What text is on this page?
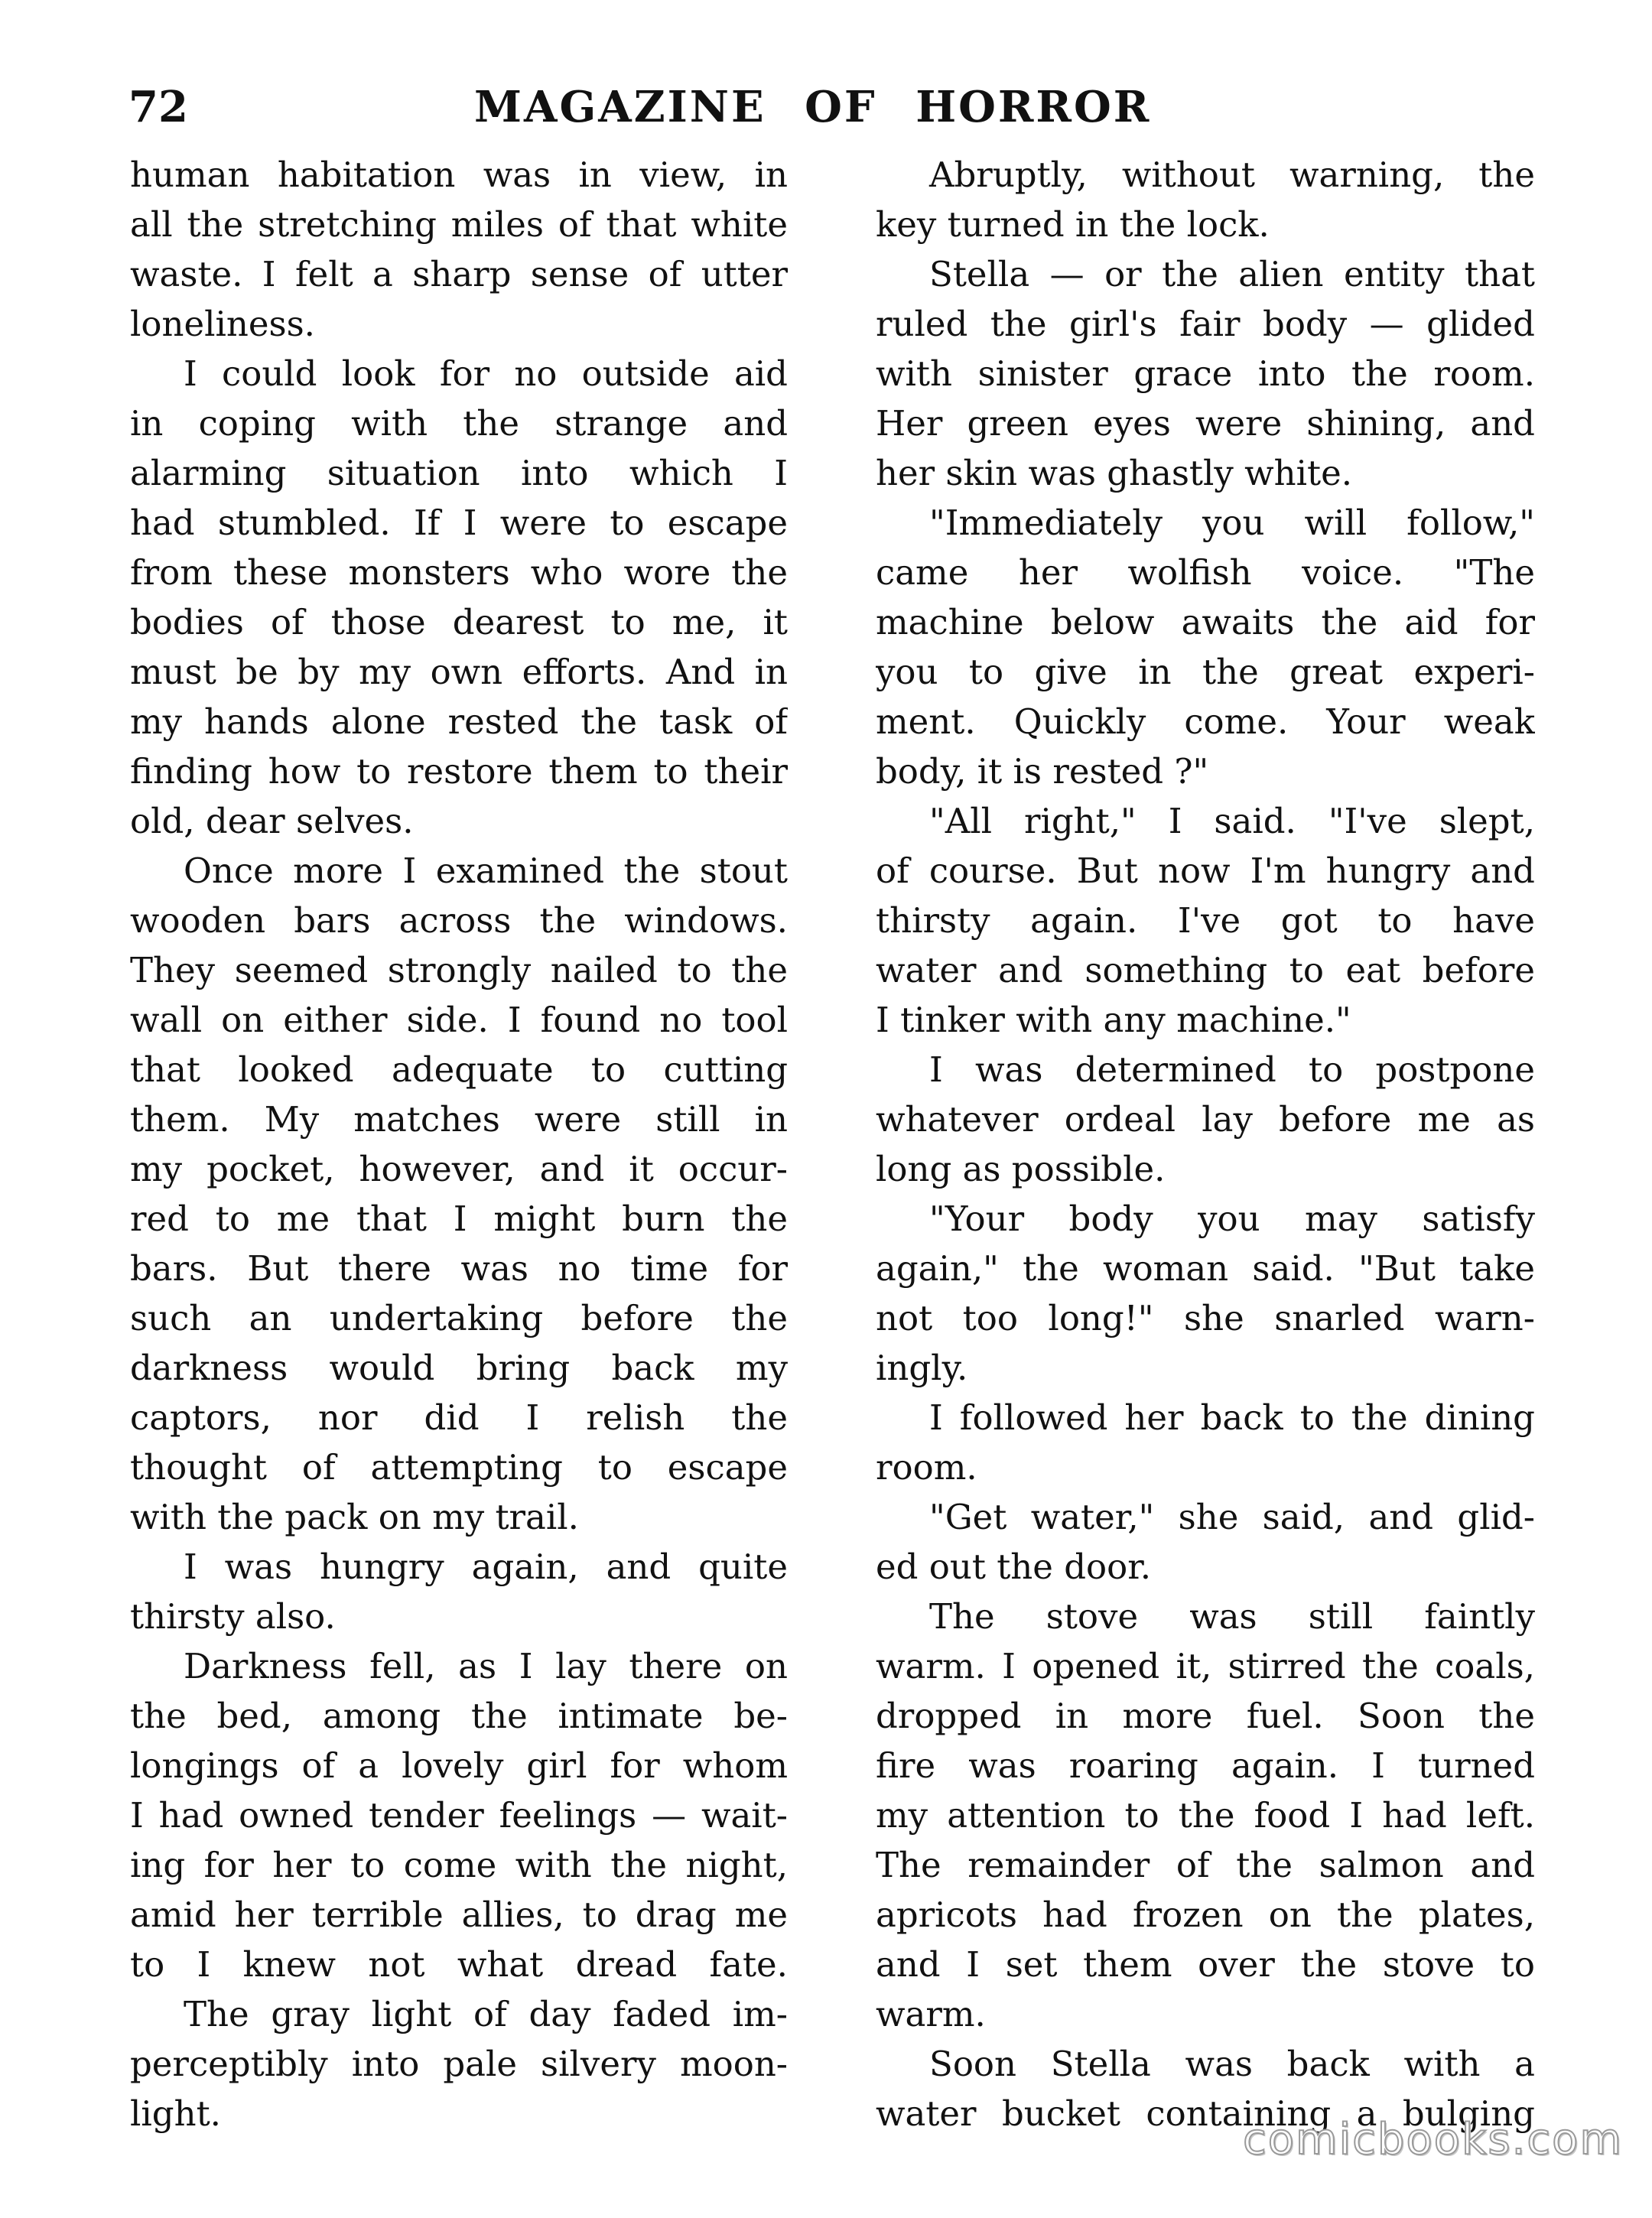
72	MAGAZINE OF HORROR
human habitation was in view, in
all the stretching miles of that white
waste. I felt a sharp sense of utter
loneliness.
I could look for no outside aid
in coping with the strange and
alarming situation into which I
had stumbled. If I were to escape
from these monsters who wore the
bodies of those dearest to me, it
must be by my own efforts. And in
my hands alone rested the task of
finding how to restore them to their
old, dear selves.
Once more I examined the stout
wooden bars across the windows.
They seemed strongly nailed to the
wall on either side. I found no tool
that looked adequate to cutting
them. My matches were still in
my pocket, however, and it occur-
red to me that I might burn the
bars. But there was no time for
such an undertaking before the
darkness would bring back my
captors, nor did I relish the
thought of attempting to escape
with the pack on my trail.
I was hungry again, and quite
thirsty also.
Darkness fell, as I lay there on
the bed, among the intimate be-
longings of a lovely girl for whom
I had owned tender feelings — wait-
ing for her to come with the night,
amid her terrible allies, to drag me
to I knew not what dread fate.
The gray light of day faded im-
perceptibly into pale silvery moon-
light.
Abruptly, without warning, the
key turned in the lock.
Stella — or the alien entity that
ruled the girl's fair body — glided
with sinister grace into the room.
Her green eyes were shining, and
her skin was ghastly white.
"Immediately you will follow,"
came her wolfish voice. "The
machine below awaits the aid for
you to give in the great experi-
ment. Quickly come. Your weak
body, it is rested ?"
"All right," I said. "I've slept,
of course. But now I'm hungry and
thirsty again. I've got to have
water and something to eat before
I tinker with any machine."
I was determined to postpone
whatever ordeal lay before me as
long as possible.
"Your body you may satisfy
again," the woman said. "But take
not too long!" she snarled warn-
ingly.
I followed her back to the dining
room.
"Get water," she said, and glid-
ed out the door.
The stove was still faintly
warm. I opened it, stirred the coals,
dropped in more fuel. Soon the
fire was roaring again. I turned
my attention to the food I had left.
The remainder of the salmon and
apricots had frozen on the plates,
and I set them over the stove to
warm.
Soon Stella was back with a
water bucket containing a bulging
comicbooks.com
